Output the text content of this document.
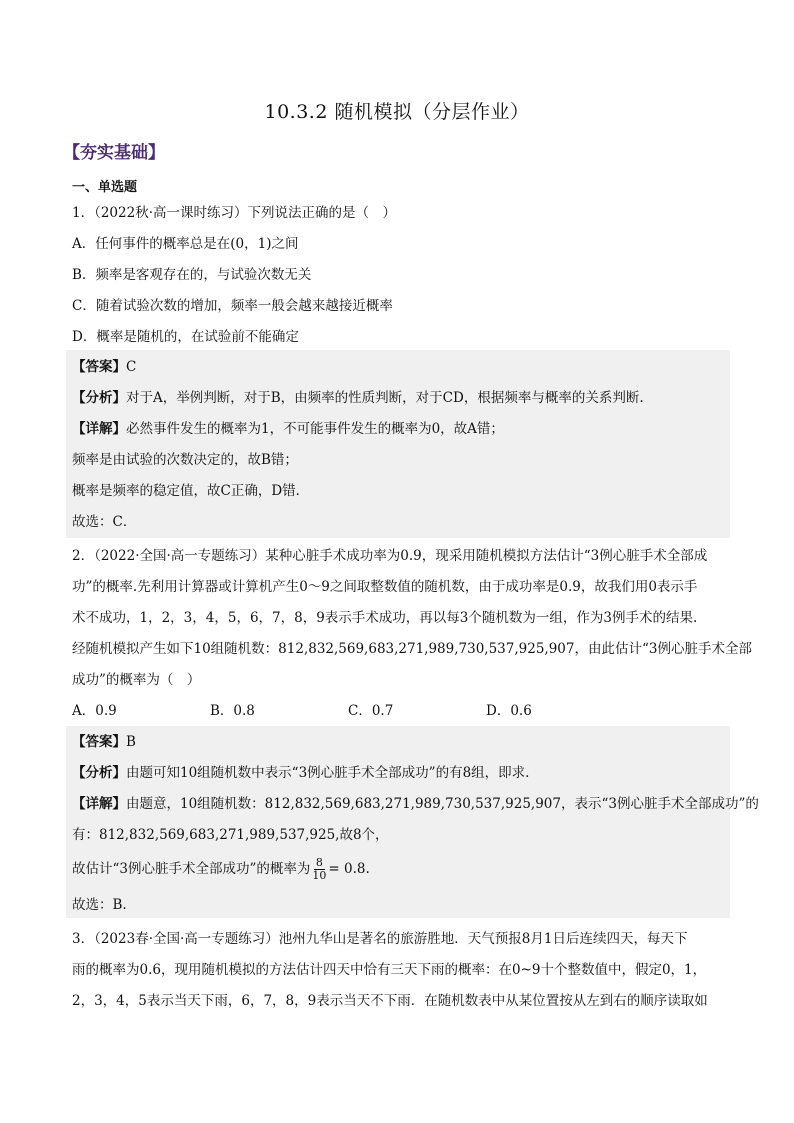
10.3.2 随机模拟（分层作业）
【夯实基础】
一、单选题
1．（2022秋·高一课时练习）下列说法正确的是（　）
A．任何事件的概率总是在(0，1)之间
B．频率是客观存在的，与试验次数无关
C．随着试验次数的增加，频率一般会越来越接近概率
D．概率是随机的，在试验前不能确定
【答案】C
【分析】对于A，举例判断，对于B，由频率的性质判断，对于CD，根据频率与概率的关系判断.
【详解】必然事件发生的概率为1，不可能事件发生的概率为0，故A错；
频率是由试验的次数决定的，故B错；
概率是频率的稳定值，故C正确，D错．
故选：C．
2．（2022·全国·高一专题练习）某种心脏手术成功率为0.9，现采用随机模拟方法估计“3例心脏手术全部成
功”的概率.先利用计算器或计算机产生0～9之间取整数值的随机数，由于成功率是0.9，故我们用0表示手
术不成功，1，2，3，4，5，6，7，8，9表示手术成功，再以每3个随机数为一组，作为3例手术的结果.
经随机模拟产生如下10组随机数：812,832,569,683,271,989,730,537,925,907，由此估计“3例心脏手术全部
成功”的概率为（　）
A．0.9	B．0.8	C．0.7	D．0.6
【答案】B
【分析】由题可知10组随机数中表示“3例心脏手术全部成功”的有8组，即求.
【详解】由题意，10组随机数：812,832,569,683,271,989,730,537,925,907，表示“3例心脏手术全部成功”的
有：812,832,569,683,271,989,537,925,故8个，
故估计“3例心脏手术全部成功”的概率为 $\frac{8}{10} = 0.8$.
故选：B.
3．（2023春·全国·高一专题练习）池州九华山是著名的旅游胜地．天气预报8月1日后连续四天，每天下
雨的概率为0.6，现用随机模拟的方法估计四天中恰有三天下雨的概率：在0~9十个整数值中，假定0，1，
2，3，4，5表示当天下雨，6，7，8，9表示当天不下雨．在随机数表中从某位置按从左到右的顺序读取如
